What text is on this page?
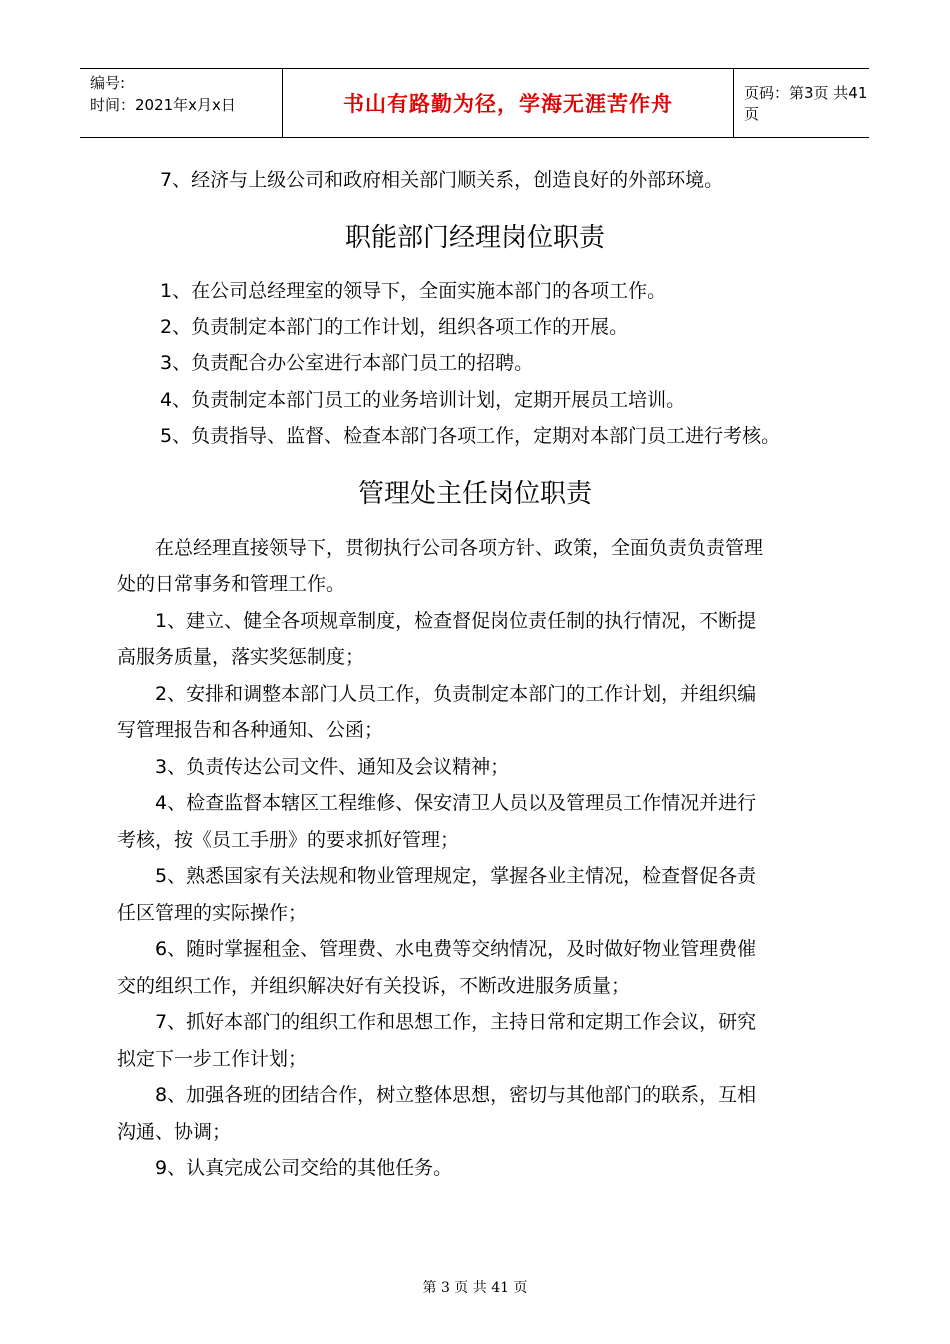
编号:
时间：2021年x月x日	书山有路勤为径，学海无涯苦作舟	页码：第3页 共41页
7、经济与上级公司和政府相关部门顺关系，创造良好的外部环境。
职能部门经理岗位职责
1、在公司总经理室的领导下，全面实施本部门的各项工作。
2、负责制定本部门的工作计划，组织各项工作的开展。
3、负责配合办公室进行本部门员工的招聘。
4、负责制定本部门员工的业务培训计划，定期开展员工培训。
5、负责指导、监督、检查本部门各项工作，定期对本部门员工进行考核。
管理处主任岗位职责
在总经理直接领导下，贯彻执行公司各项方针、政策，全面负责负责管理
处的日常事务和管理工作。
1、建立、健全各项规章制度，检查督促岗位责任制的执行情况，不断提
高服务质量，落实奖惩制度；
2、安排和调整本部门人员工作，负责制定本部门的工作计划，并组织编
写管理报告和各种通知、公函；
3、负责传达公司文件、通知及会议精神；
4、检查监督本辖区工程维修、保安清卫人员以及管理员工作情况并进行
考核，按《员工手册》的要求抓好管理；
5、熟悉国家有关法规和物业管理规定，掌握各业主情况，检查督促各责
任区管理的实际操作；
6、随时掌握租金、管理费、水电费等交纳情况，及时做好物业管理费催
交的组织工作，并组织解决好有关投诉，不断改进服务质量；
7、抓好本部门的组织工作和思想工作，主持日常和定期工作会议，研究
拟定下一步工作计划；
8、加强各班的团结合作，树立整体思想，密切与其他部门的联系，互相
沟通、协调；
9、认真完成公司交给的其他任务。
第 3 页 共 41 页
